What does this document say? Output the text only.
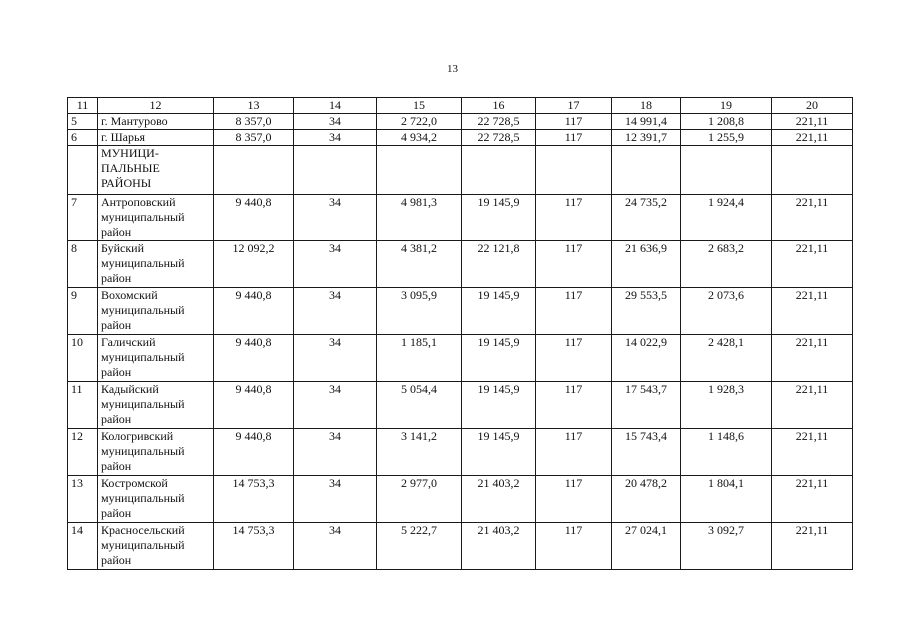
13
11	12	13	14	15	16	17	18	19	20
5	г. Мантурово	8 357,0	34	2 722,0	22 728,5	117	14 991,4	1 208,8	221,11
6	г. Шарья	8 357,0	34	4 934,2	22 728,5	117	12 391,7	1 255,9	221,11

	МУНИЦИ-
ПАЛЬНЫЕ
РАЙОНЫ								

7	Антроповский
муниципальный
район	9 440,8	34	4 981,3	19 145,9	117	24 735,2	1 924,4	221,11
8	Буйский
муниципальный
район	12 092,2	34	4 381,2	22 121,8	117	21 636,9	2 683,2	221,11
9	Вохомский
муниципальный
район	9 440,8	34	3 095,9	19 145,9	117	29 553,5	2 073,6	221,11
10	Галичский
муниципальный
район	9 440,8	34	1 185,1	19 145,9	117	14 022,9	2 428,1	221,11
11	Кадыйский
муниципальный
район	9 440,8	34	5 054,4	19 145,9	117	17 543,7	1 928,3	221,11
12	Кологривский
муниципальный
район	9 440,8	34	3 141,2	19 145,9	117	15 743,4	1 148,6	221,11
13	Костромской
муниципальный
район	14 753,3	34	2 977,0	21 403,2	117	20 478,2	1 804,1	221,11
14	Красносельский
муниципальный
район	14 753,3	34	5 222,7	21 403,2	117	27 024,1	3 092,7	221,11
